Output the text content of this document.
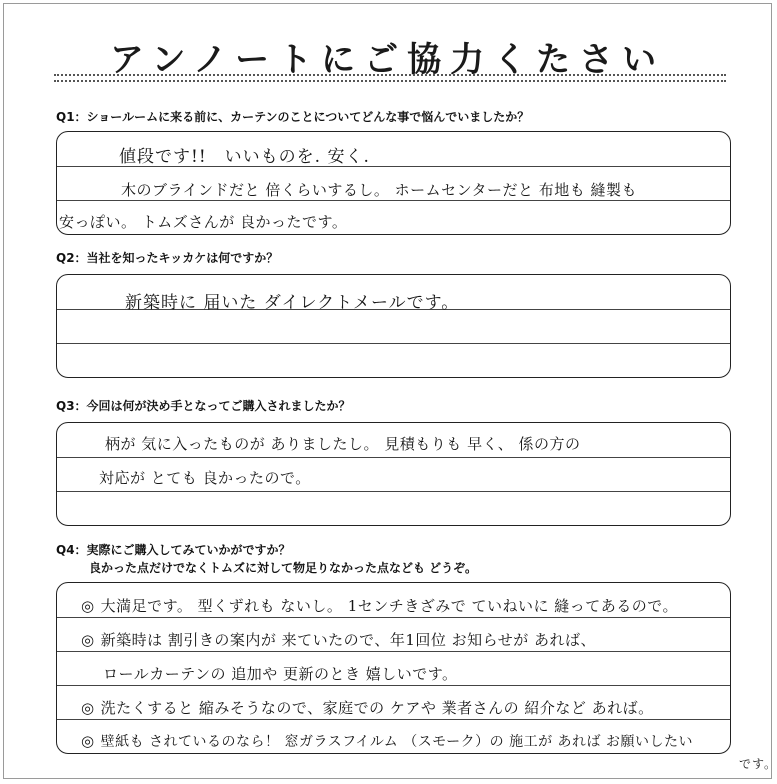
アンノートにご協力くたさい
Q1：ショールームに来る前に、カーテンのことについてどんな事で悩んでいましたか？
値段です!!　いいものを. 安く.
木のブラインドだと 倍くらいするし。 ホームセンターだと 布地も 縫製も
安っぽい。 トムズさんが 良かったです。
Q2：当社を知ったキッカケは何ですか？
新築時に 届いた ダイレクトメールです。
Q3：今回は何が決め手となってご購入されましたか？
柄が 気に入ったものが ありましたし。 見積もりも 早く、 係の方の
対応が とても 良かったので。
Q4：実際にご購入してみていかがですか？
良かった点だけでなくトムズに対して物足りなかった点なども どうぞ。
◎ 大満足です。 型くずれも ないし。 1センチきざみで ていねいに 縫ってあるので。
◎ 新築時は 割引きの案内が 来ていたので、年1回位 お知らせが あれば、
ロールカーテンの 追加や 更新のとき 嬉しいです。
◎ 洗たくすると 縮みそうなので、家庭での ケアや 業者さんの 紹介など あれば。
◎ 壁紙も されているのなら！ 窓ガラスフイルム （スモーク）の 施工が あれば お願いしたい
です。
